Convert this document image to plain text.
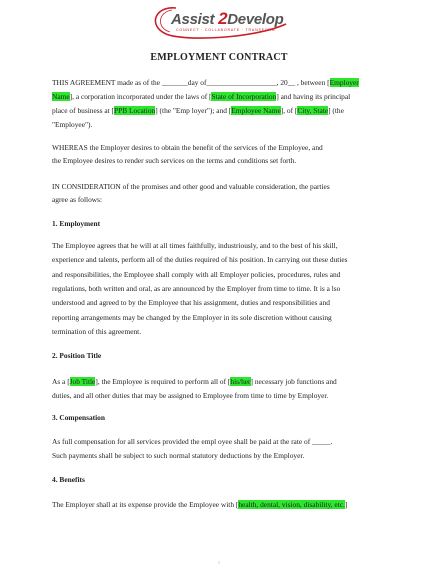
Assist 2Develop
CONNECT · COLLABORATE · TRANSFORM
EMPLOYMENT CONTRACT
THIS AGREEMENT made as of the _______day of___________________, 20__ , between [Employer
Name], a corporation incorporated under the laws of [State of Incorporation] and having its principal
place of business at [PPB Location] (the "Emp loyer"); and [Employee Name], of [City, State] (the
"Employee").
WHEREAS the Employer desires to obtain the benefit of the services of the Employee, and
the Employee desires to render such services on the terms and conditions set forth.
IN CONSIDERATION of the promises and other good and valuable consideration, the parties
agree as follows:
1. Employment
The Employee agrees that he will at all times faithfully, industriously, and to the best of his skill,
experience and talents, perform all of the duties required of his position. In carrying out these duties
and responsibilities, the Employee shall comply with all Employer policies, procedures, rules and
regulations, both written and oral, as are announced by the Employer from time to time. It is a lso
understood and agreed to by the Employee that his assignment, duties and responsibilities and
reporting arrangements may be changed by the Employer in its sole discretion without causing
termination of this agreement.
2. Position Title
As a [Job Title], the Employee is required to perform all of [his/her] necessary job functions and
duties, and all other duties that may be assigned to Employee from time to time by Employer.
3. Compensation
As full compensation for all services provided the empl oyee shall be paid at the rate of _____.
Such payments shall be subject to such normal statutory deductions by the Employer.
4. Benefits
The Employer shall at its expense provide the Employee with [health, dental, vision, disability, etc.]
1
